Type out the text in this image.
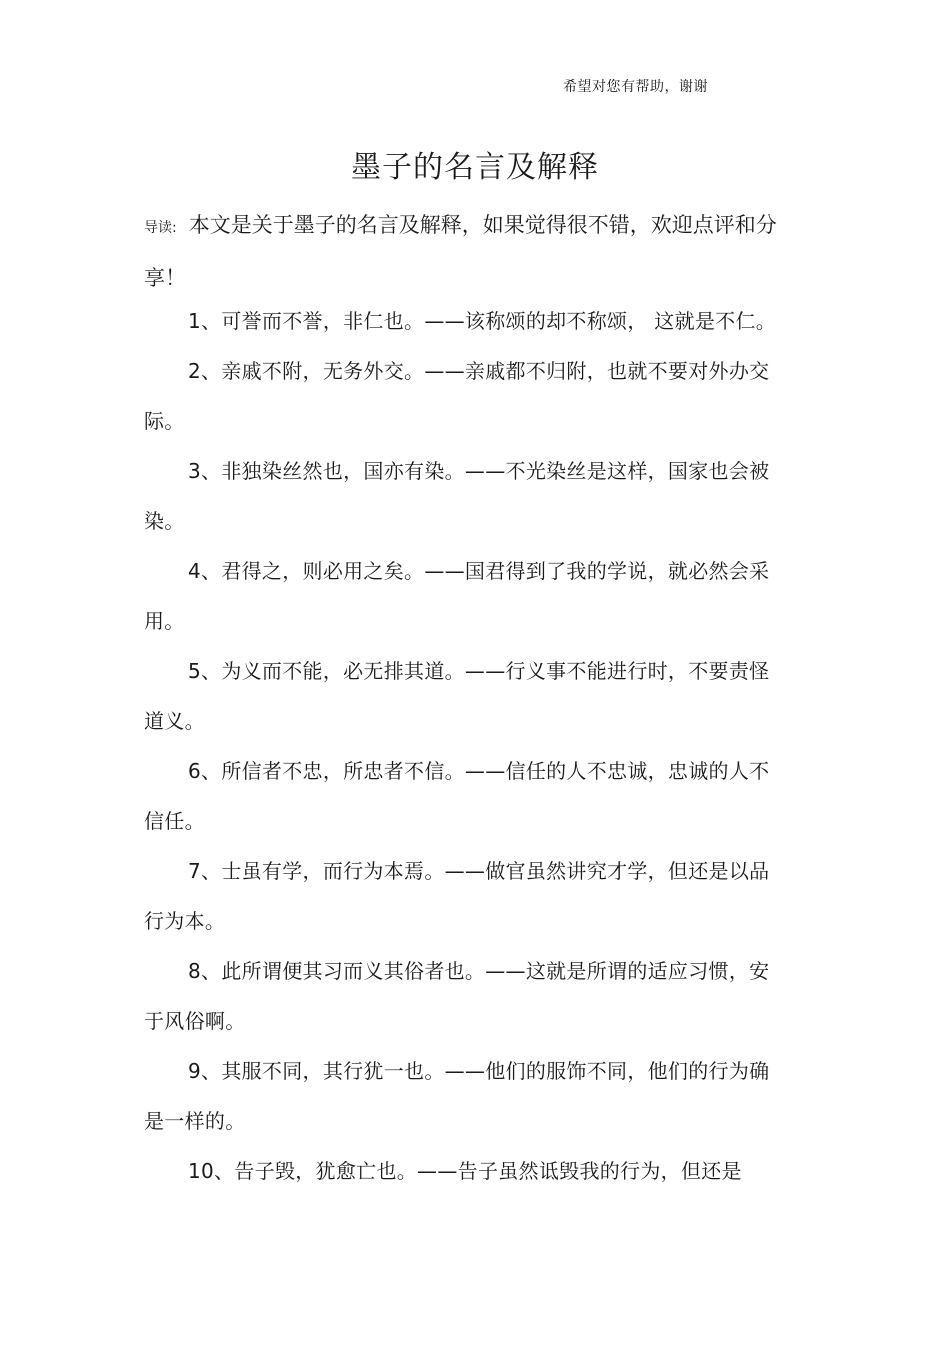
希望对您有帮助，谢谢
墨子的名言及解释
导读: 本文是关于墨子的名言及解释，如果觉得很不错，欢迎点评和分享！
1、可誉而不誉，非仁也。——该称颂的却不称颂， 这就是不仁。
2、亲戚不附，无务外交。——亲戚都不归附，也就不要对外办交际。
3、非独染丝然也，国亦有染。——不光染丝是这样，国家也会被染。
4、君得之，则必用之矣。——国君得到了我的学说，就必然会采用。
5、为义而不能，必无排其道。——行义事不能进行时，不要责怪道义。
6、所信者不忠，所忠者不信。——信任的人不忠诚，忠诚的人不信任。
7、士虽有学，而行为本焉。——做官虽然讲究才学，但还是以品行为本。
8、此所谓便其习而义其俗者也。——这就是所谓的适应习惯，安于风俗啊。
9、其服不同，其行犹一也。——他们的服饰不同，他们的行为确是一样的。
10、告子毁，犹愈亡也。——告子虽然诋毁我的行为，但还是
